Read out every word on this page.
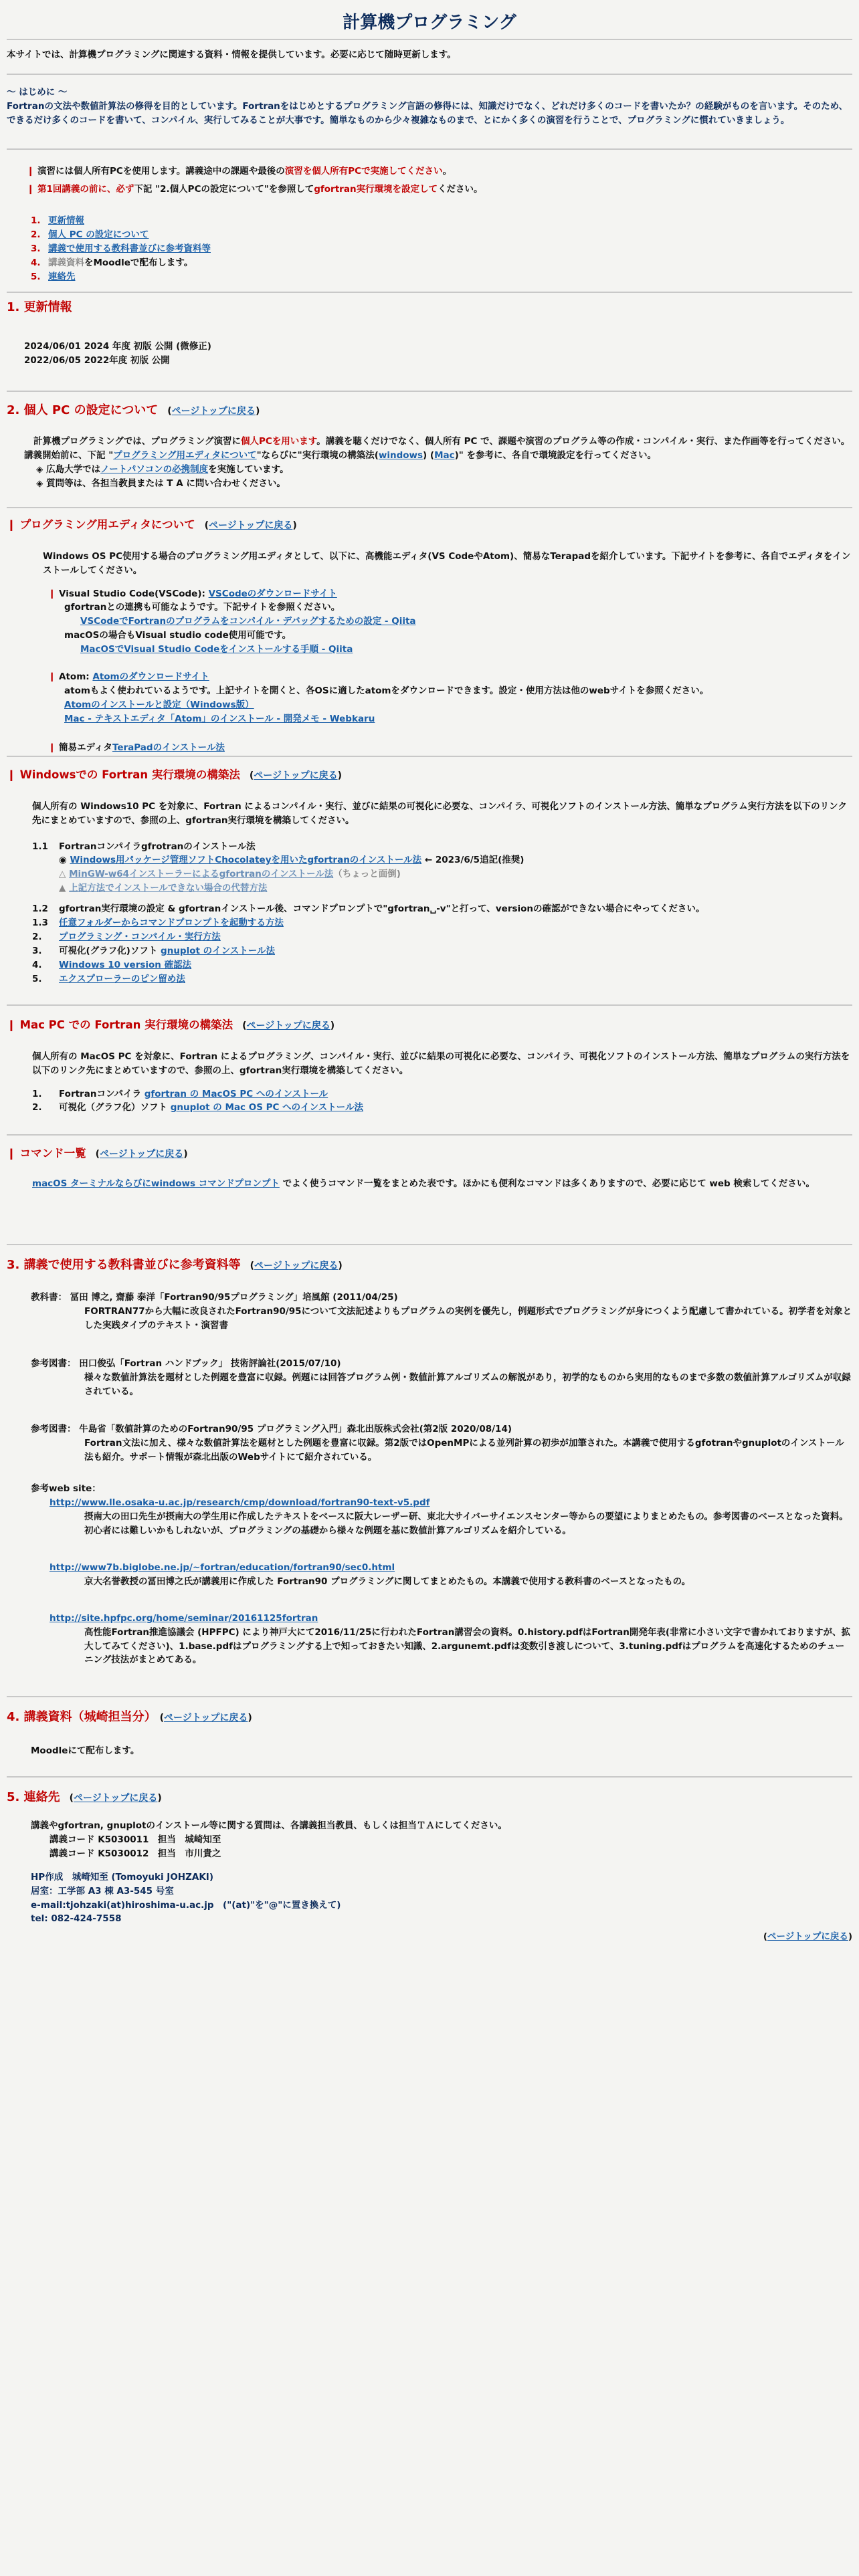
計算機プログラミング
本サイトでは、計算機プログラミングに関連する資料・情報を提供しています。必要に応じて随時更新します。
〜 はじめに 〜
Fortranの文法や数値計算法の修得を目的としています。Fortranをはじめとするプログラミング言語の修得には、知識だけでなく、どれだけ多くのコードを書いたか？の経験がものを言います。そのため、できるだけ多くのコードを書いて、コンパイル、実行してみることが大事です。簡単なものから少々複雑なものまで、とにかく多くの演習を行うことで、プログラミングに慣れていきましょう。
❙ 演習には個人所有PCを使用します。講義途中の課題や最後の演習を個人所有PCで実施してください。
❙ 第1回講義の前に、必ず下記 "2.個人PCの設定について"を参照してgfortran実行環境を設定してください。
1. 更新情報
2. 個人 PC の設定について
3. 講義で使用する教科書並びに参考資料等
4. 講義資料をMoodleで配布します。
5. 連絡先
1. 更新情報
2024/06/01 2024 年度 初版 公開 (微修正)
2022/06/05 2022年度 初版 公開
2. 個人 PC の設定について　(ページトップに戻る)
計算機プログラミングでは、プログラミング演習に個人PCを用います。講義を聴くだけでなく、個人所有 PC で、課題や演習のプログラム等の作成・コンパイル・実行、また作画等を行ってください。講義開始前に、下記 "プログラミング用エディタについて"ならびに"実行環境の構築法(windows) (Mac)" を参考に、各自で環境設定を行ってください。
◈ 広島大学ではノートパソコンの必携制度を実施しています。
◈ 質問等は、各担当教員または T A に問い合わせください。
❙ プログラミング用エディタについて　(ページトップに戻る)
Windows OS PC使用する場合のプログラミング用エディタとして、以下に、高機能エディタ(VS CodeやAtom)、簡易なTerapadを紹介しています。下記サイトを参考に、各自でエディタをインストールしてください。
❙ Visual Studio Code(VSCode): VSCodeのダウンロードサイト
gfortranとの連携も可能なようです。下記サイトを参照ください。
VSCodeでFortranのプログラムをコンパイル・デバッグするための設定 - Qiita
macOSの場合もVisual studio code使用可能です。
MacOSでVisual Studio Codeをインストールする手順 - Qiita
❙ Atom: Atomのダウンロードサイト
atomもよく使われているようです。上記サイトを開くと、各OSに適したatomをダウンロードできます。設定・使用方法は他のwebサイトを参照ください。
Atomのインストールと設定（Windows版）
Mac - テキストエディタ「Atom」のインストール - 開発メモ - Webkaru
❙ 簡易エディタTeraPadのインストール法
❙ Windowsでの Fortran 実行環境の構築法　(ページトップに戻る)
個人所有の Windows10 PC を対象に、Fortran によるコンパイル・実行、並びに結果の可視化に必要な、コンパイラ、可視化ソフトのインストール方法、簡単なプログラム実行方法を以下のリンク先にまとめていますので、参照の上、gfortran実行環境を構築してください。
1.1 Fortranコンパイラgfrotranのインストール法
◉ Windows用パッケージ管理ソフトChocolateyを用いたgfortranのインストール法 ← 2023/6/5追記(推奨)
△ MinGW-w64インストーラーによるgfortranのインストール法（ちょっと面倒)
▲ 上記方法でインストールできない場合の代替方法
1.2 gfortran実行環境の設定 & gfortranインストール後、コマンドプロンプトで"gfortran␣-v"と打って、versionの確認ができない場合にやってください。
1.3 任意フォルダーからコマンドプロンプトを起動する方法
2. プログラミング・コンパイル・実行方法
3. 可視化(グラフ化)ソフト gnuplot のインストール法
4. Windows 10 version 確認法
5. エクスプローラーのピン留め法
❙ Mac PC での Fortran 実行環境の構築法　(ページトップに戻る)
個人所有の MacOS PC を対象に、Fortran によるプログラミング、コンパイル・実行、並びに結果の可視化に必要な、コンパイラ、可視化ソフトのインストール方法、簡単なプログラムの実行方法を以下のリンク先にまとめていますので、参照の上、gfortran実行環境を構築してください。
1. Fortranコンパイラ gfortran の MacOS PC へのインストール
2. 可視化（グラフ化）ソフト gnuplot の Mac OS PC へのインストール法
❙ コマンド一覧　(ページトップに戻る)
macOS ターミナルならびにwindows コマンドプロンプト でよく使うコマンド一覧をまとめた表です。ほかにも便利なコマンドは多くありますので、必要に応じて web 検索してください。
3. 講義で使用する教科書並びに参考資料等　(ページトップに戻る)
教科書： 冨田 博之, 齋藤 泰洋「Fortran90/95プログラミング」培風館 (2011/04/25)
FORTRAN77から大幅に改良されたFortran90/95について文法記述よりもプログラムの実例を優先し，例題形式でプログラミングが身につくよう配慮して書かれている。初学者を対象とした実践タイプのテキスト・演習書
参考図書： 田口俊弘「Fortran ハンドブック」 技術評論社(2015/07/10)
様々な数値計算法を題材とした例題を豊富に収録。例題には回答プログラム例・数値計算アルゴリズムの解説があり，初学的なものから実用的なものまで多数の数値計算アルゴリズムが収録されている。
参考図書： 牛島省「数値計算のためのFortran90/95 プログラミング入門」森北出版株式会社(第2版 2020/08/14)
Fortran文法に加え、様々な数値計算法を題材とした例題を豊富に収録。第2版ではOpenMPによる並列計算の初歩が加筆された。本講義で使用するgfotranやgnuplotのインストール法も紹介。サポート情報が森北出版のWebサイトにて紹介されている。
参考web site：
http://www.lle.osaka-u.ac.jp/research/cmp/download/fortran90-text-v5.pdf
摂南大の田口先生が摂南大の学生用に作成したテキストをベースに阪大レーザー研、東北大サイバーサイエンスセンター等からの要望によりまとめたもの。参考図書のベースとなった資料。初心者には難しいかもしれないが、プログラミングの基礎から様々な例題を基に数値計算アルゴリズムを紹介している。
http://www7b.biglobe.ne.jp/~fortran/education/fortran90/sec0.html
京大名誉教授の冨田博之氏が講義用に作成した Fortran90 プログラミングに関してまとめたもの。本講義で使用する教科書のベースとなったもの。
http://site.hpfpc.org/home/seminar/20161125fortran
高性能Fortran推進協議会 (HPFPC) により神戸大にて2016/11/25に行われたFortran講習会の資料。0.history.pdfはFortran開発年表(非常に小さい文字で書かれておりますが、拡大してみてください)、1.base.pdfはプログラミングする上で知っておきたい知識、2.argunemt.pdfは変数引き渡しについて、3.tuning.pdfはプログラムを高速化するためのチューニング技法がまとめてある。
4. 講義資料（城崎担当分）　(ページトップに戻る)
Moodleにて配布します。
5. 連絡先　(ページトップに戻る)
講義やgfortran, gnuplotのインストール等に関する質問は、各講義担当教員、もしくは担当ＴＡにしてください。
講義コード K5030011　担当　城崎知至
講義コード K5030012　担当　市川貴之
HP作成　城崎知至 (Tomoyuki JOHZAKI)
居室：工学部 A3 棟 A3-545 号室
e-mail:tjohzaki(at)hiroshima-u.ac.jp　("(at)"を"@"に置き換えて)
tel: 082-424-7558
(ページトップに戻る)
